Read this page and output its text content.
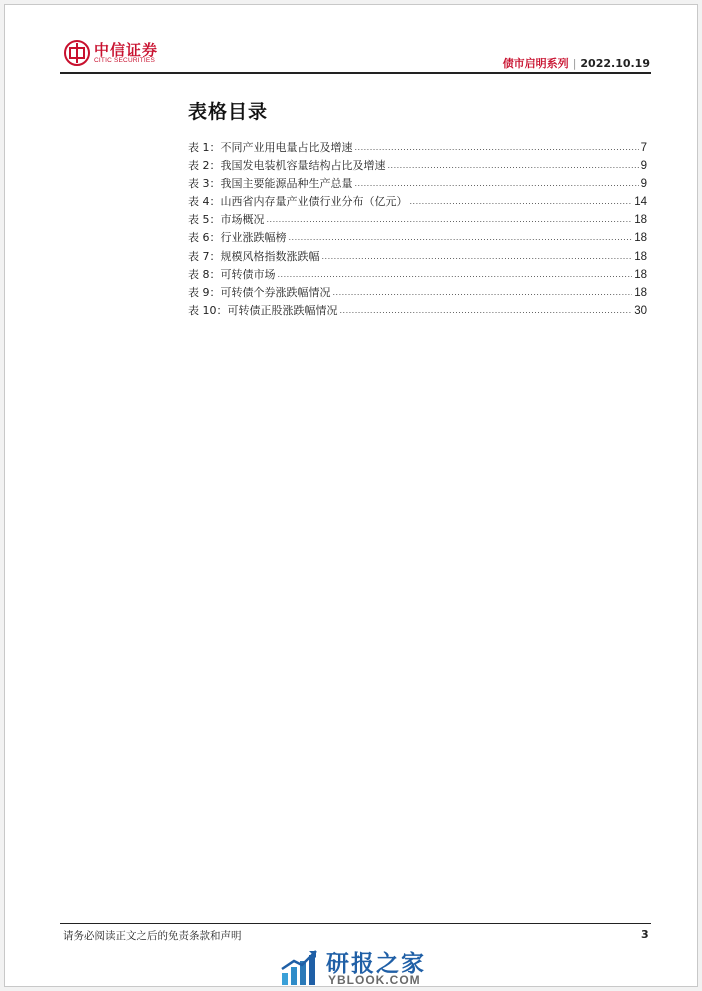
中信证券
CITIC SECURITIES	债市启明系列 | 2022.10.19
表格目录
表 1：不同产业用电量占比及增速 .....	7
表 2：我国发电装机容量结构占比及增速 .....	9
表 3：我国主要能源品种生产总量 .....	9
表 4：山西省内存量产业债行业分布（亿元） .....	14
表 5：市场概况 .....	18
表 6：行业涨跌幅榜 .....	18
表 7：规模风格指数涨跌幅 .....	18
表 8：可转债市场 .....	18
表 9：可转债个券涨跌幅情况 .....	18
表 10：可转债正股涨跌幅情况 .....	30
请务必阅读正文之后的免责条款和声明	3
研报之家
YBLOOK.COM
